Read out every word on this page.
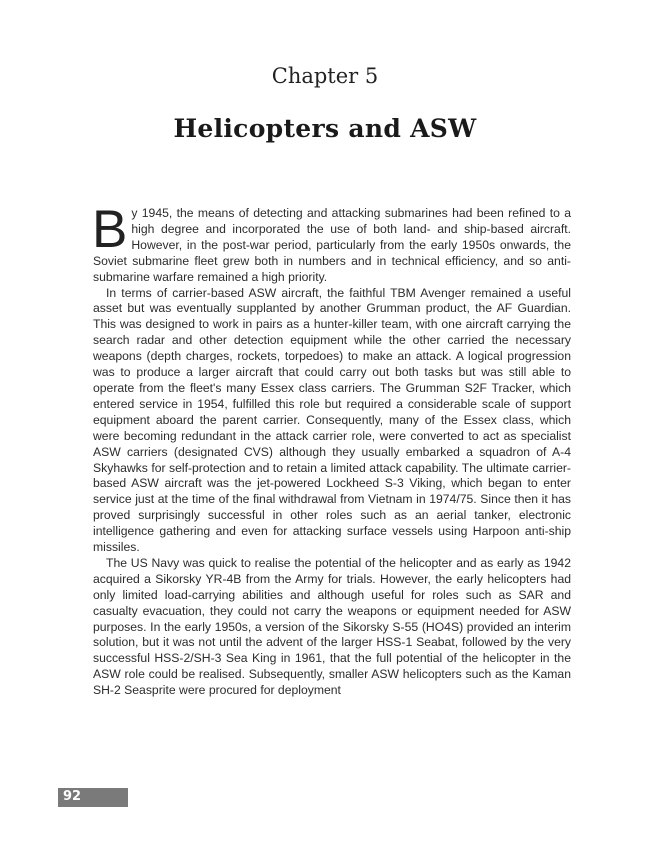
Chapter 5
Helicopters and ASW

By 1945, the means of detecting and attacking submarines had been refined to a high degree and incorporated the use of both land- and ship-based aircraft. However, in the post-war period, particularly from the early 1950s onwards, the Soviet submarine fleet grew both in numbers and in technical efficiency, and so anti-submarine warfare remained a high priority.

In terms of carrier-based ASW aircraft, the faithful TBM Avenger remained a useful asset but was eventually supplanted by another Grumman product, the AF Guardian. This was designed to work in pairs as a hunter-killer team, with one aircraft carrying the search radar and other detection equipment while the other carried the necessary weapons (depth charges, rockets, torpedoes) to make an attack. A logical progression was to produce a larger aircraft that could carry out both tasks but was still able to operate from the fleet's many Essex class carriers. The Grumman S2F Tracker, which entered service in 1954, fulfilled this role but required a considerable scale of support equipment aboard the parent carrier. Consequently, many of the Essex class, which were becoming redundant in the attack carrier role, were converted to act as specialist ASW carriers (designated CVS) although they usually embarked a squadron of A-4 Skyhawks for self-protection and to retain a limited attack capability. The ultimate carrier-based ASW aircraft was the jet-powered Lockheed S-3 Viking, which began to enter service just at the time of the final withdrawal from Vietnam in 1974/75. Since then it has proved surprisingly successful in other roles such as an aerial tanker, electronic intelligence gathering and even for attacking surface vessels using Harpoon anti-ship missiles.

The US Navy was quick to realise the potential of the helicopter and as early as 1942 acquired a Sikorsky YR-4B from the Army for trials. However, the early helicopters had only limited load-carrying abilities and although useful for roles such as SAR and casualty evacuation, they could not carry the weapons or equipment needed for ASW purposes. In the early 1950s, a version of the Sikorsky S-55 (HO4S) provided an interim solution, but it was not until the advent of the larger HSS-1 Seabat, followed by the very successful HSS-2/SH-3 Sea King in 1961, that the full potential of the helicopter in the ASW role could be realised. Subsequently, smaller ASW helicopters such as the Kaman SH-2 Seasprite were procured for deployment

92
